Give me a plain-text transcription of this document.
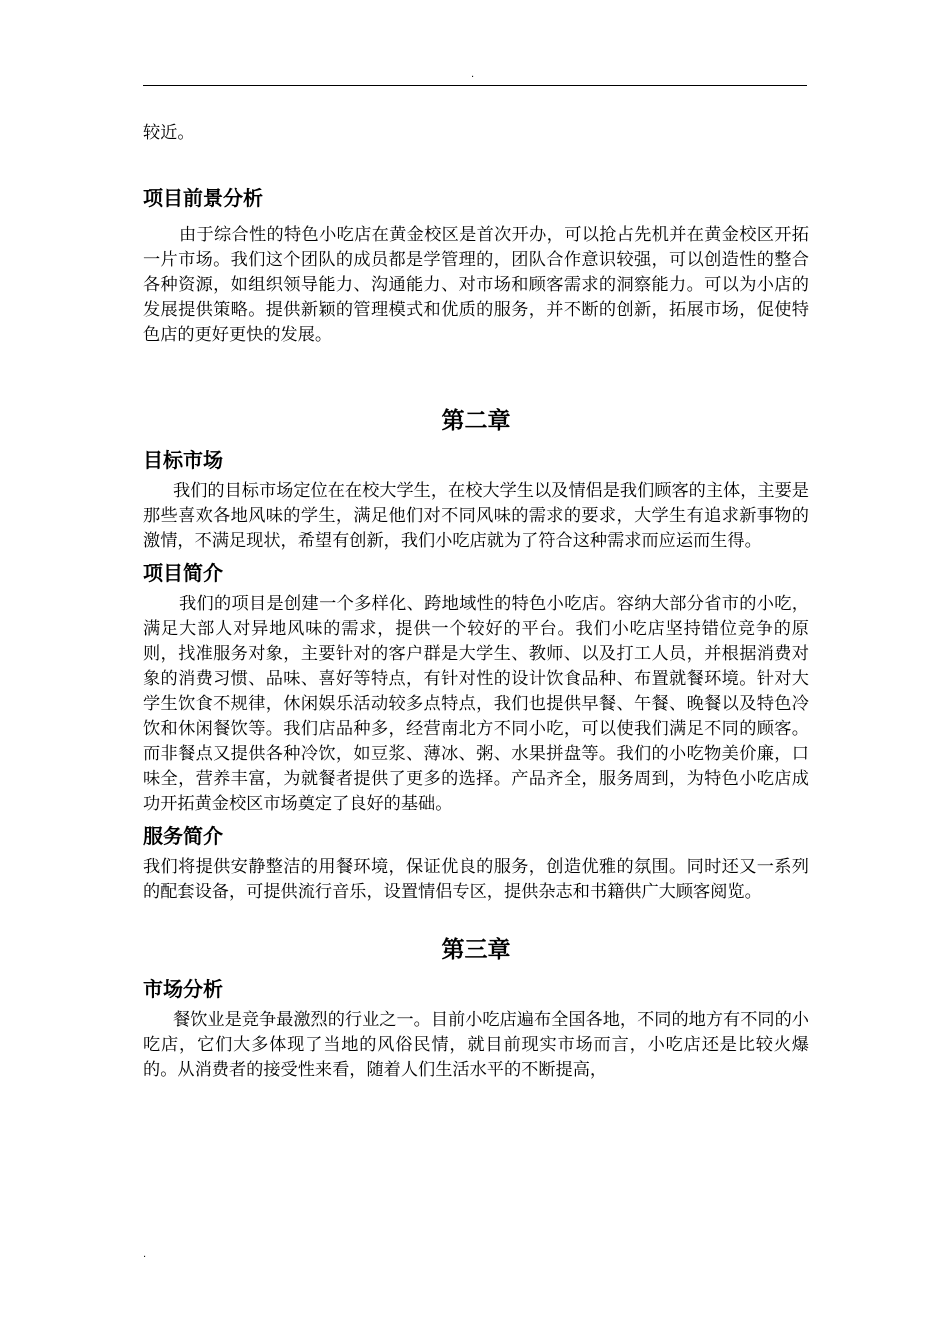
.

较近。

项目前景分析

由于综合性的特色小吃店在黄金校区是首次开办，可以抢占先机并在黄金校区开拓一片市场。我们这个团队的成员都是学管理的，团队合作意识较强，可以创造性的整合各种资源，如组织领导能力、沟通能力、对市场和顾客需求的洞察能力。可以为小店的发展提供策略。提供新颖的管理模式和优质的服务，并不断的创新，拓展市场，促使特色店的更好更快的发展。

第二章
目标市场

我们的目标市场定位在在校大学生，在校大学生以及情侣是我们顾客的主体，主要是那些喜欢各地风味的学生，满足他们对不同风味的需求的要求，大学生有追求新事物的激情，不满足现状，希望有创新，我们小吃店就为了符合这种需求而应运而生得。

项目简介

我们的项目是创建一个多样化、跨地域性的特色小吃店。容纳大部分省市的小吃，满足大部人对异地风味的需求，提供一个较好的平台。我们小吃店坚持错位竞争的原则，找准服务对象，主要针对的客户群是大学生、教师、以及打工人员，并根据消费对象的消费习惯、品味、喜好等特点，有针对性的设计饮食品种、布置就餐环境。针对大学生饮食不规律，休闲娱乐活动较多点特点，我们也提供早餐、午餐、晚餐以及特色冷饮和休闲餐饮等。我们店品种多，经营南北方不同小吃，可以使我们满足不同的顾客。而非餐点又提供各种冷饮，如豆浆、薄冰、粥、水果拼盘等。我们的小吃物美价廉，口味全，营养丰富，为就餐者提供了更多的选择。产品齐全，服务周到，为特色小吃店成功开拓黄金校区市场奠定了良好的基础。

服务简介

我们将提供安静整洁的用餐环境，保证优良的服务，创造优雅的氛围。同时还又一系列的配套设备，可提供流行音乐，设置情侣专区，提供杂志和书籍供广大顾客阅览。

第三章
市场分析

餐饮业是竞争最激烈的行业之一。目前小吃店遍布全国各地，不同的地方有不同的小吃店，它们大多体现了当地的风俗民情，就目前现实市场而言，小吃店还是比较火爆的。从消费者的接受性来看，随着人们生活水平的不断提高，

.
